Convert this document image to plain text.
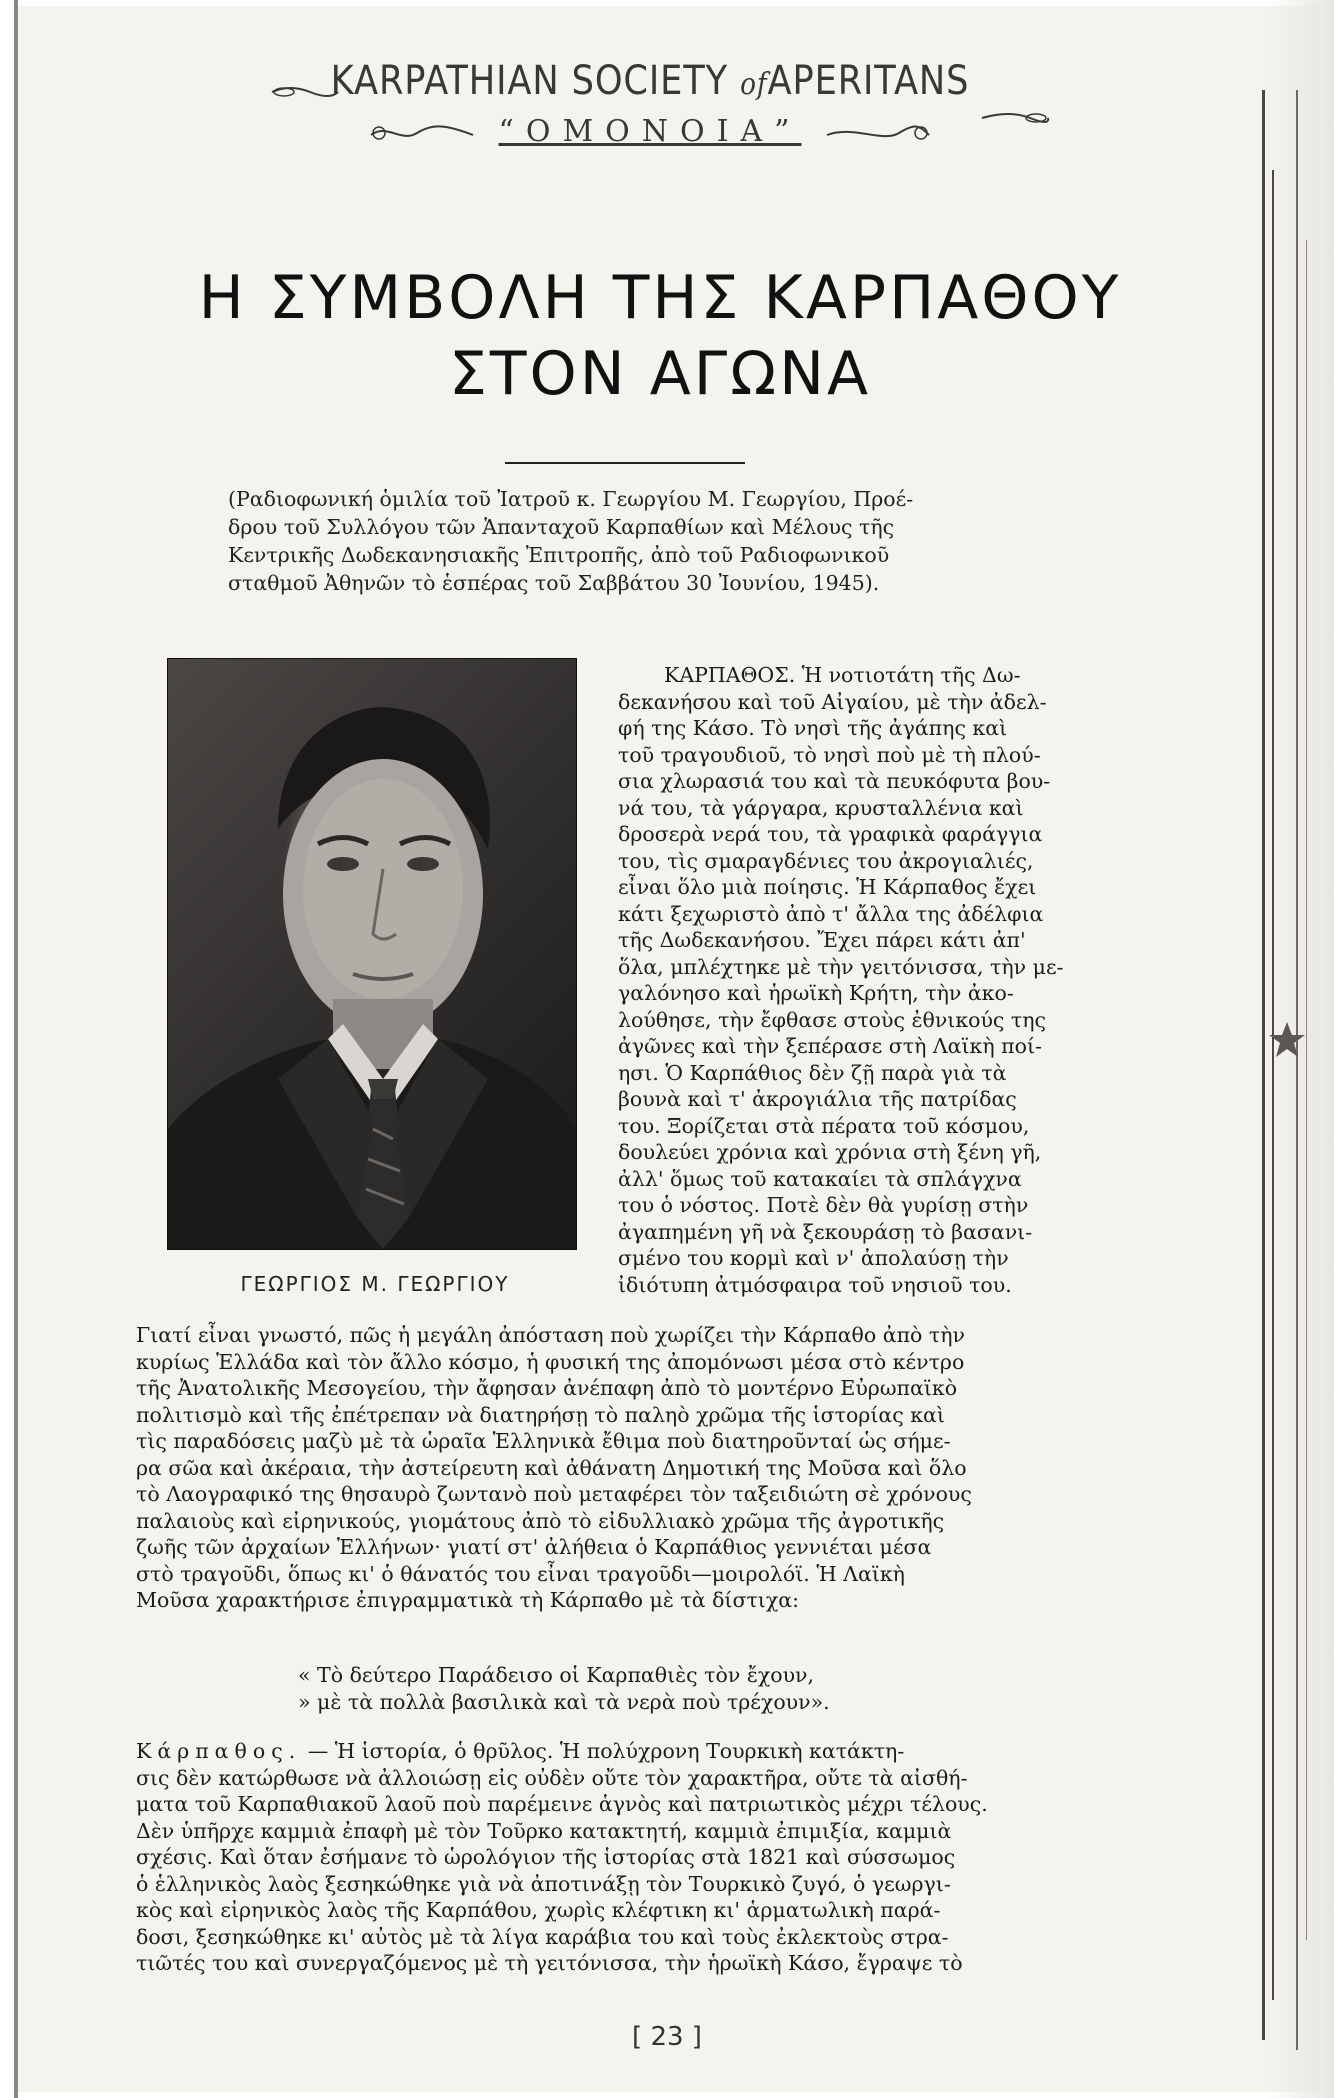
KARPATHIAN SOCIETY ofAPERITANS
“ΟΜΟΝΟΙΑ”
Η ΣΥΜΒΟΛΗ ΤΗΣ ΚΑΡΠΑΘΟΥ
ΣΤΟΝ ΑΓΩΝΑ
(Ραδιοφωνική ὁμιλία τοῦ Ἰατροῦ κ. Γεωργίου Μ. Γεωργίου, Προέ-
δρου τοῦ Συλλόγου τῶν Ἁπανταχοῦ Καρπαθίων καὶ Μέλους τῆς
Κεντρικῆς Δωδεκανησιακῆς Ἐπιτροπῆς, ἀπὸ τοῦ Ραδιοφωνικοῦ
σταθμοῦ Ἀθηνῶν τὸ ἑσπέρας τοῦ Σαββάτου 30 Ἰουνίου, 1945).
ΓΕΩΡΓΙΟΣ Μ. ΓΕΩΡΓΙΟΥ
ΚΑΡΠΑΘΟΣ. Ἡ νοτιοτάτη τῆς Δω-
δεκανήσου καὶ τοῦ Αἰγαίου, μὲ τὴν ἀδελ-
φή της Κάσο. Τὸ νησὶ τῆς ἀγάπης καὶ
τοῦ τραγουδιοῦ, τὸ νησὶ ποὺ μὲ τὴ πλού-
σια χλωρασιά του καὶ τὰ πευκόφυτα βου-
νά του, τὰ γάργαρα, κρυσταλλένια καὶ
δροσερὰ νερά του, τὰ γραφικὰ φαράγγια
του, τὶς σμαραγδένιες του ἀκρογιαλιές,
εἶναι ὅλο μιὰ ποίησις. Ἡ Κάρπαθος ἔχει
κάτι ξεχωριστὸ ἀπὸ τ' ἄλλα της ἀδέλφια
τῆς Δωδεκανήσου. Ἔχει πάρει κάτι ἀπ'
ὅλα, μπλέχτηκε μὲ τὴν γειτόνισσα, τὴν με-
γαλόνησο καὶ ἡρωϊκὴ Κρήτη, τὴν ἀκο-
λούθησε, τὴν ἔφθασε στοὺς ἐθνικούς της
ἀγῶνες καὶ τὴν ξεπέρασε στὴ Λαϊκὴ ποί-
ησι. Ὁ Καρπάθιος δὲν ζῇ παρὰ γιὰ τὰ
βουνὰ καὶ τ' ἀκρογιάλια τῆς πατρίδας
του. Ξορίζεται στὰ πέρατα τοῦ κόσμου,
δουλεύει χρόνια καὶ χρόνια στὴ ξένη γῆ,
ἀλλ' ὅμως τοῦ κατακαίει τὰ σπλάγχνα
του ὁ νόστος. Ποτὲ δὲν θὰ γυρίσῃ στὴν
ἀγαπημένη γῆ νὰ ξεκουράσῃ τὸ βασανι-
σμένο του κορμὶ καὶ ν' ἀπολαύσῃ τὴν
ἰδιότυπη ἀτμόσφαιρα τοῦ νησιοῦ του.
Γιατί εἶναι γνωστό, πῶς ἡ μεγάλη ἀπόσταση ποὺ χωρίζει τὴν Κάρπαθο ἀπὸ τὴν
κυρίως Ἑλλάδα καὶ τὸν ἄλλο κόσμο, ἡ φυσική της ἀπομόνωσι μέσα στὸ κέντρο
τῆς Ἀνατολικῆς Μεσογείου, τὴν ἄφησαν ἀνέπαφη ἀπὸ τὸ μοντέρνο Εὐρωπαϊκὸ
πολιτισμὸ καὶ τῆς ἐπέτρεπαν νὰ διατηρήσῃ τὸ παληὸ χρῶμα τῆς ἱστορίας καὶ
τὶς παραδόσεις μαζὺ μὲ τὰ ὡραῖα Ἑλληνικὰ ἔθιμα ποὺ διατηροῦνταί ὡς σήμε-
ρα σῶα καὶ ἀκέραια, τὴν ἀστείρευτη καὶ ἀθάνατη Δημοτική της Μοῦσα καὶ ὅλο
τὸ Λαογραφικό της θησαυρὸ ζωντανὸ ποὺ μεταφέρει τὸν ταξειδιώτη σὲ χρόνους
παλαιοὺς καὶ εἰρηνικούς, γιομάτους ἀπὸ τὸ εἰδυλλιακὸ χρῶμα τῆς ἀγροτικῆς
ζωῆς τῶν ἀρχαίων Ἑλλήνων· γιατί στ' ἀλήθεια ὁ Καρπάθιος γεννιέται μέσα
στὸ τραγοῦδι, ὅπως κι' ὁ θάνατός του εἶναι τραγοῦδι—μοιρολόϊ. Ἡ Λαϊκὴ
Μοῦσα χαρακτήρισε ἐπιγραμματικὰ τὴ Κάρπαθο μὲ τὰ δίστιχα:
« Τὸ δεύτερο Παράδεισο οἱ Καρπαθιὲς τὸν ἔχουν,
» μὲ τὰ πολλὰ βασιλικὰ καὶ τὰ νερὰ ποὺ τρέχουν».
Κάρπαθος. — Ἡ ἱστορία, ὁ θρῦλος. Ἡ πολύχρονη Τουρκικὴ κατάκτη-
σις δὲν κατώρθωσε νὰ ἀλλοιώσῃ εἰς οὐδὲν οὔτε τὸν χαρακτῆρα, οὔτε τὰ αἰσθή-
ματα τοῦ Καρπαθιακοῦ λαοῦ ποὺ παρέμεινε ἁγνὸς καὶ πατριωτικὸς μέχρι τέλους.
Δὲν ὑπῆρχε καμμιὰ ἐπαφὴ μὲ τὸν Τοῦρκο κατακτητή, καμμιὰ ἐπιμιξία, καμμιὰ
σχέσις. Καὶ ὅταν ἐσήμανε τὸ ὡρολόγιον τῆς ἱστορίας στὰ 1821 καὶ σύσσωμος
ὁ ἑλληνικὸς λαὸς ξεσηκώθηκε γιὰ νὰ ἀποτινάξῃ τὸν Τουρκικὸ ζυγό, ὁ γεωργι-
κὸς καὶ εἰρηνικὸς λαὸς τῆς Καρπάθου, χωρὶς κλέφτικη κι' ἁρματωλικὴ παρά-
δοσι, ξεσηκώθηκε κι' αὐτὸς μὲ τὰ λίγα καράβια του καὶ τοὺς ἐκλεκτοὺς στρα-
τιῶτές του καὶ συνεργαζόμενος μὲ τὴ γειτόνισσα, τὴν ἡρωϊκὴ Κάσο, ἔγραψε τὸ
[ 23 ]
